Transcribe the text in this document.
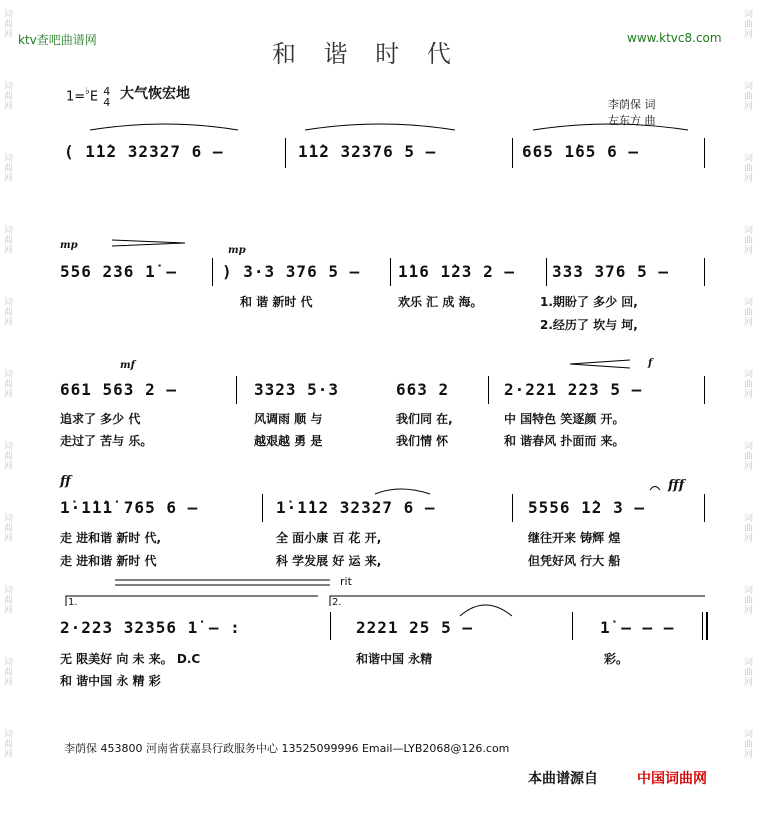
词
曲
网
词
曲
网
词
曲
网
词
曲
网
词
曲
网
词
曲
网
词
曲
网
词
曲
网
词
曲
网
词
曲
网
词
曲
网
词
曲
网
词
曲
网
词
曲
网
词
曲
网
词
曲
网
词
曲
网
词
曲
网
词
曲
网
词
曲
网
词
曲
网
词
曲
网
ktv查吧曲谱网	www.ktvc8.com
和 谐 时 代
1=♭E 4
4
大气恢宏地
李荫保 词
左东方 曲
( 1̇1̇2 32327 6 –	1̇1̇2 32376 5 –	665 1̇65 6 –
mp	mp
556 236 1̇ –	) 3·3 376 5 – 1̇16 1̇23 2 – 333 376 5 –
和 谐 新时 代	欢乐 汇 成 海。	1.期盼了 多少 回,
2.经历了 坎与 坷,
mf	f
661 563 2 –	3323 5·3	663 2	2·221 223 5 –
追求了 多少 代	风调雨 顺 与	我们同 在,	中 国特色 笑逐颜 开。
走过了 苦与 乐。	越艰越 勇 是	我们情 怀	和 谐春风 扑面而 来。
ff	fff
1̇·1̇1̇1̇ 765 6 –	1̇·1̇12 32327 6 –	5556 1̇2 3 –
走 进和谐 新时 代,	全 面小康 百 花 开,	继往开来 铸辉 煌
走 进和谐 新时 代	科 学发展 好 运 来,	但凭好风 行大 船
1.	2.
rit
2·223 32356 1̇ – :	2221 25 5 –	1̇ – – –
无 限美好 向 未 来。 D.C	和谐中国 永精	彩。
和 谐中国 永 精 彩
李荫保 453800 河南省获嘉县行政服务中心 13525099996 Email—LYB2068@126.com
本曲谱源自	中国词曲网
